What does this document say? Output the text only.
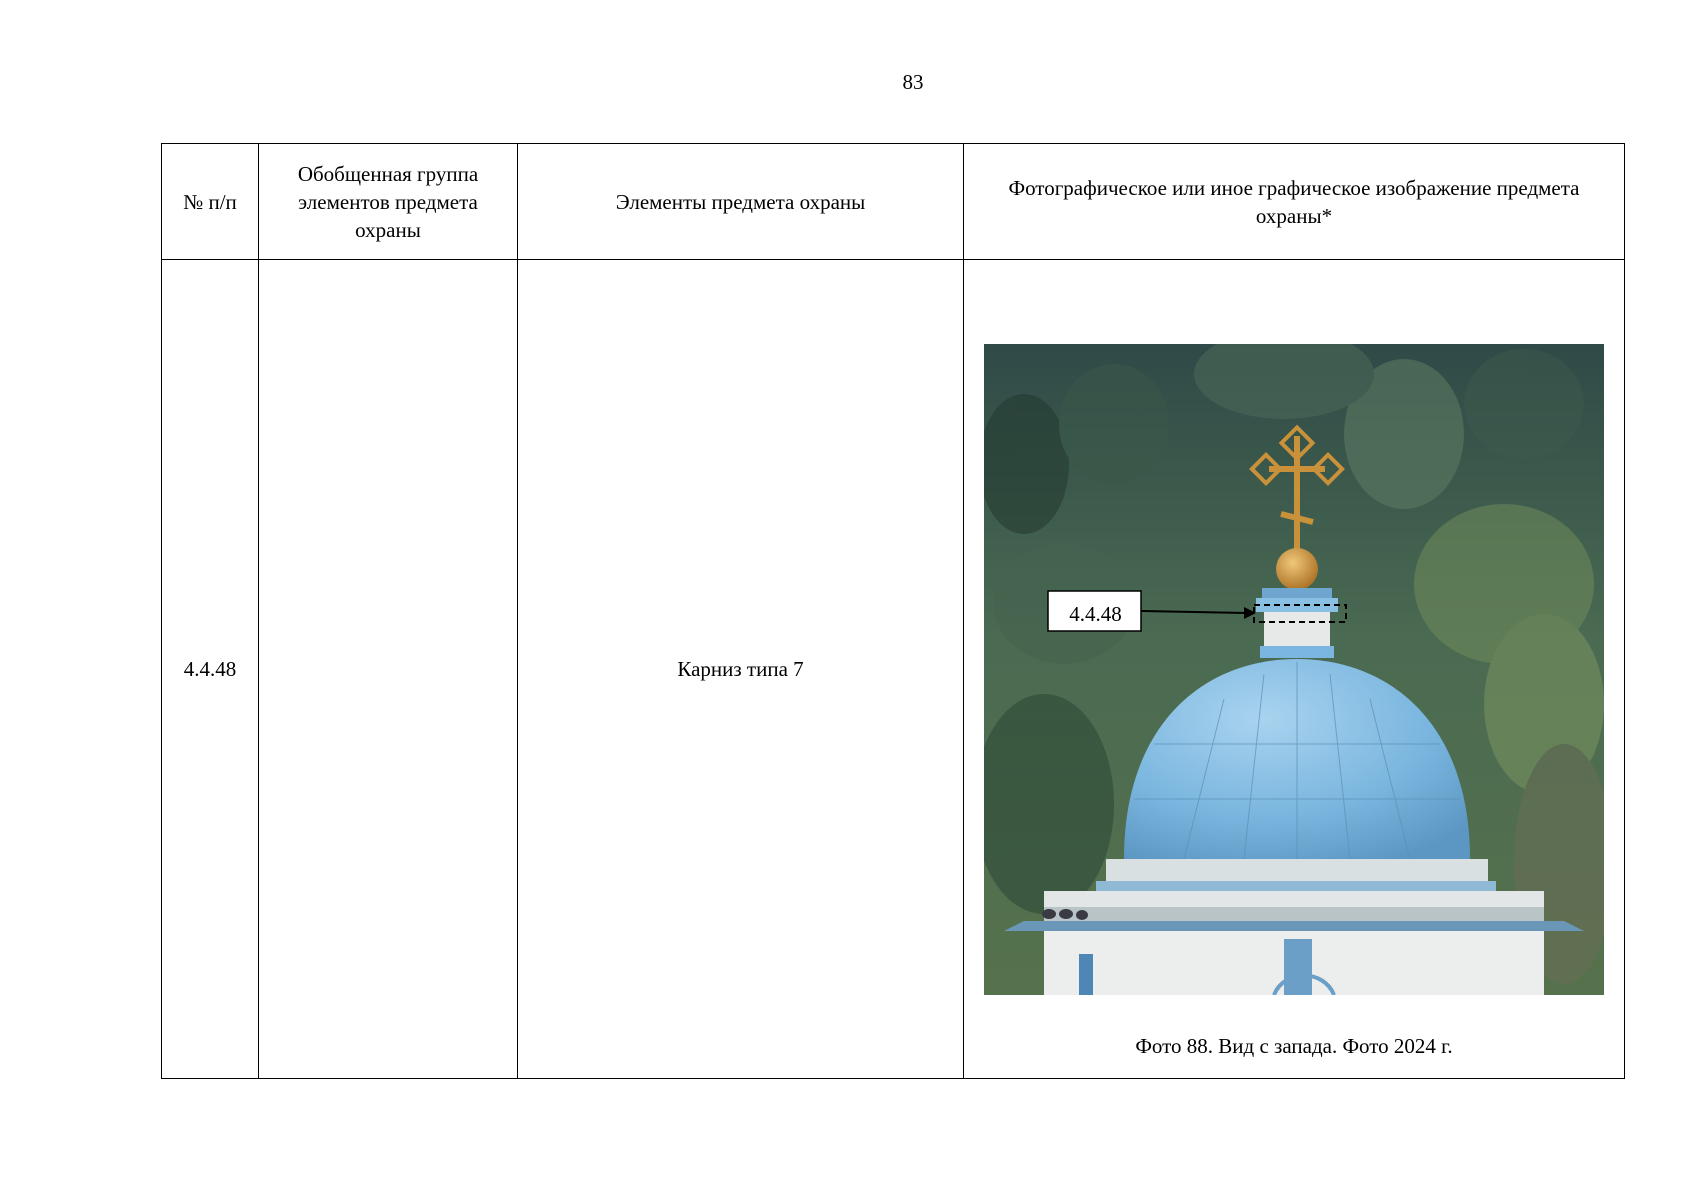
83
№ п/п	Обобщенная группа элементов предмета охраны	Элементы предмета охраны	Фотографическое или иное графическое изображение предмета охраны*
4.4.48		Карниз типа 7	4.4.48
Фото 88. Вид с запада. Фото 2024 г.
